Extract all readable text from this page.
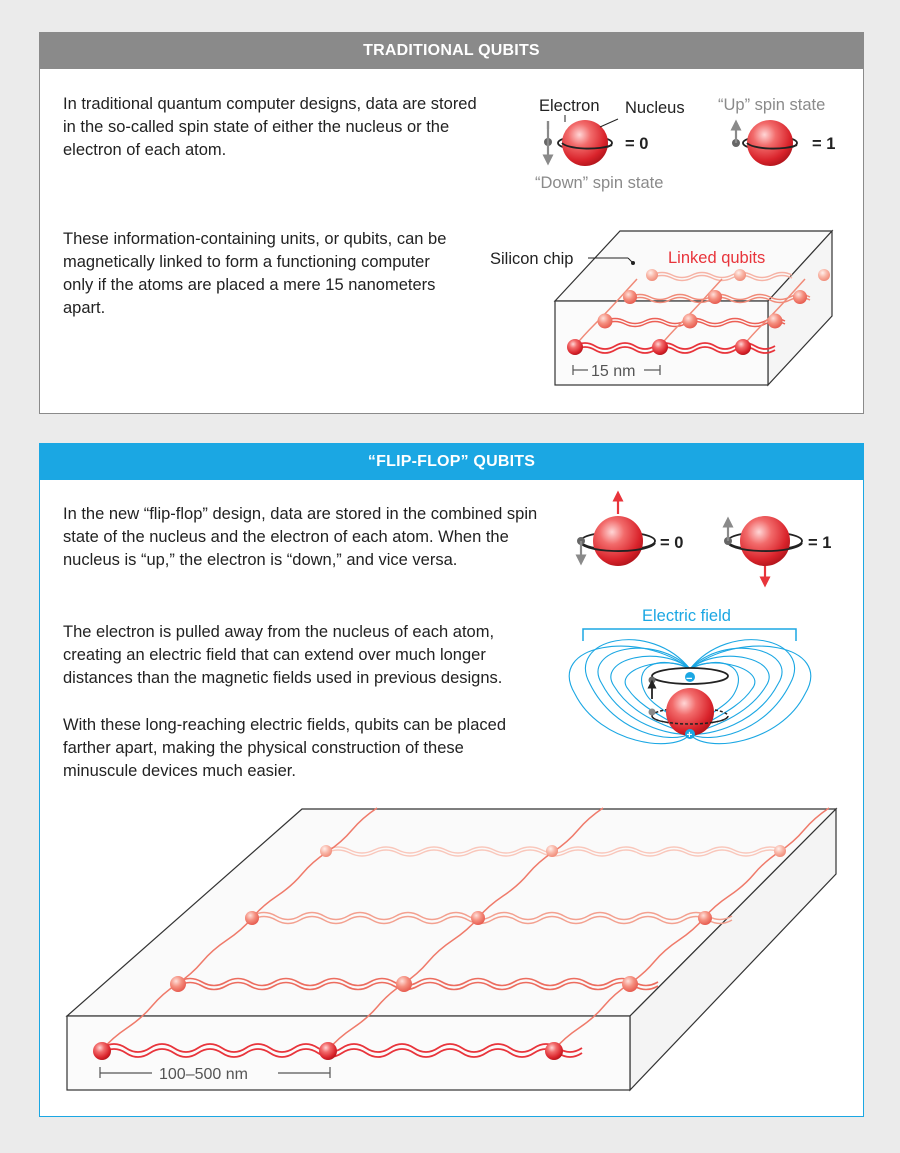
TRADITIONAL QUBITS

In traditional quantum computer designs, data are stored in the so-called spin state of either the nucleus or the electron of each atom.

These information-containing units, or qubits, can be magnetically linked to form a functioning computer only if the atoms are placed a mere 15 nanometers apart.

Electron Nucleus
= 0
“Down” spin state
“Up” spin state
= 1
Silicon chip	Linked qubits
15 nm
“FLIP-FLOP” QUBITS

In the new “flip-flop” design, data are stored in the combined spin state of the nucleus and the electron of each atom. When the nucleus is “up,” the electron is “down,” and vice versa.

The electron is pulled away from the nucleus of each atom, creating an electric field that can extend over much longer distances than the magnetic fields used in previous designs.

With these long-reaching electric fields, qubits can be placed farther apart, making the physical construction of these minuscule devices much easier.

= 0	= 1
Electric field
−
+
100–500 nm
